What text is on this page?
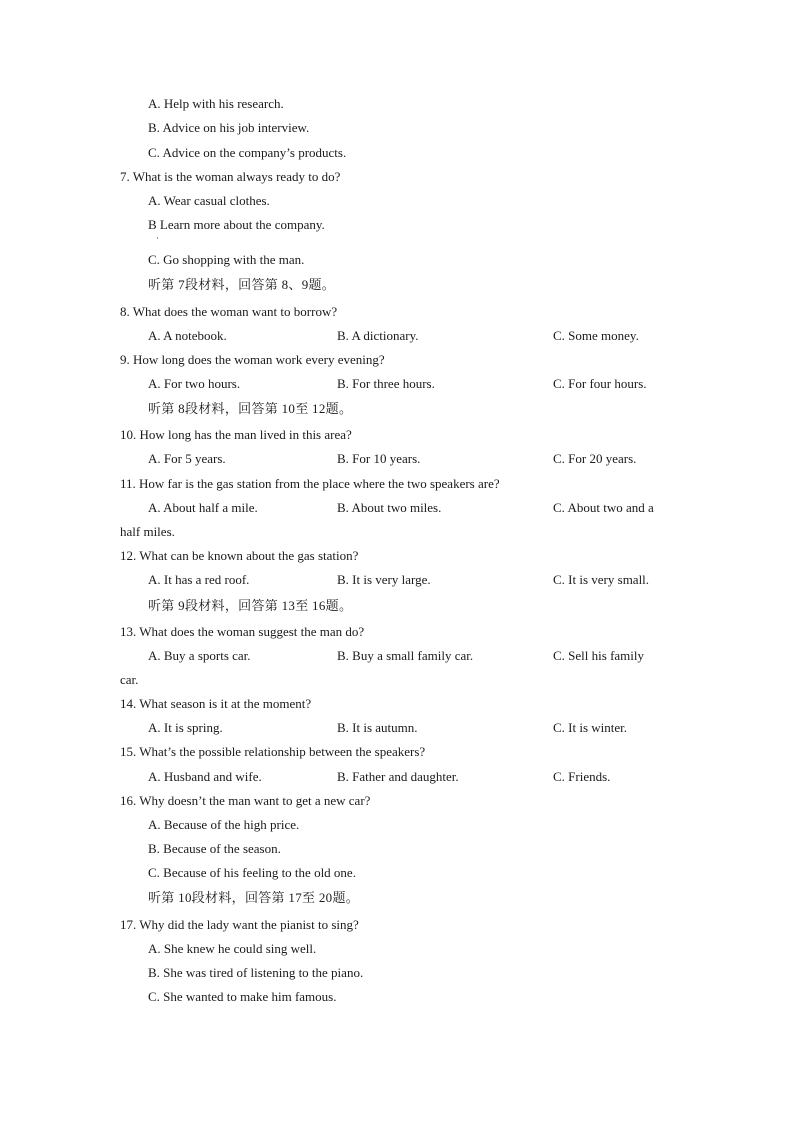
A. Help with his research.
B. Advice on his job interview.
C. Advice on the company’s products.
7. What is the woman always ready to do?
A. Wear casual clothes.
B Learn more about the company.
·
C. Go shopping with the man.
听第 7段材料，回答第 8、9题。
8. What does the woman want to borrow?
A. A notebook.	B. A dictionary.	C. Some money.
9. How long does the woman work every evening?
A. For two hours.	B. For three hours.	C. For four hours.
听第 8段材料，回答第 10至 12题。
10. How long has the man lived in this area?
A. For 5 years.	B. For 10 years.	C. For 20 years.
11. How far is the gas station from the place where the two speakers are?
A. About half a mile.	B. About two miles.	C. About two and a
half miles.
12. What can be known about the gas station?
A. It has a red roof.	B. It is very large.	C. It is very small.
听第 9段材料，回答第 13至 16题。
13. What does the woman suggest the man do?
A. Buy a sports car.	B. Buy a small family car.	C. Sell his family
car.
14. What season is it at the moment?
A. It is spring.	B. It is autumn.	C. It is winter.
15. What’s the possible relationship between the speakers?
A. Husband and wife.	B. Father and daughter.	C. Friends.
16. Why doesn’t the man want to get a new car?
A. Because of the high price.
B. Because of the season.
C. Because of his feeling to the old one.
听第 10段材料，回答第 17至 20题。
17. Why did the lady want the pianist to sing?
A. She knew he could sing well.
B. She was tired of listening to the piano.
C. She wanted to make him famous.
